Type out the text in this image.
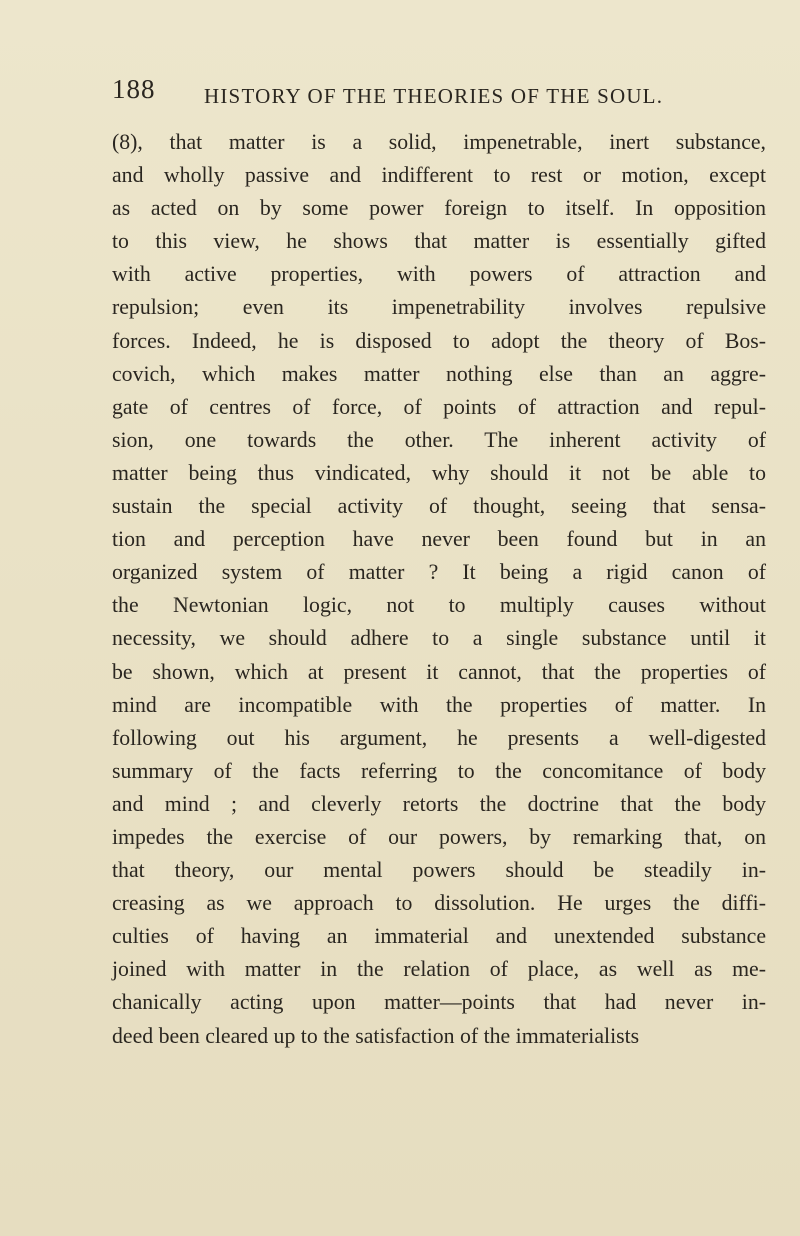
188 HISTORY OF THE THEORIES OF THE SOUL.
(8), that matter is a solid, impenetrable, inert substance,
and wholly passive and indifferent to rest or motion, except
as acted on by some power foreign to itself. In opposition
to this view, he shows that matter is essentially gifted
with active properties, with powers of attraction and
repulsion; even its impenetrability involves repulsive
forces. Indeed, he is disposed to adopt the theory of Bos-
covich, which makes matter nothing else than an aggre-
gate of centres of force, of points of attraction and repul-
sion, one towards the other. The inherent activity of
matter being thus vindicated, why should it not be able to
sustain the special activity of thought, seeing that sensa-
tion and perception have never been found but in an
organized system of matter ? It being a rigid canon of
the Newtonian logic, not to multiply causes without
necessity, we should adhere to a single substance until it
be shown, which at present it cannot, that the properties of
mind are incompatible with the properties of matter. In
following out his argument, he presents a well-digested
summary of the facts referring to the concomitance of body
and mind ; and cleverly retorts the doctrine that the body
impedes the exercise of our powers, by remarking that, on
that theory, our mental powers should be steadily in-
creasing as we approach to dissolution. He urges the diffi-
culties of having an immaterial and unextended substance
joined with matter in the relation of place, as well as me-
chanically acting upon matter—points that had never in-
deed been cleared up to the satisfaction of the immaterialists
